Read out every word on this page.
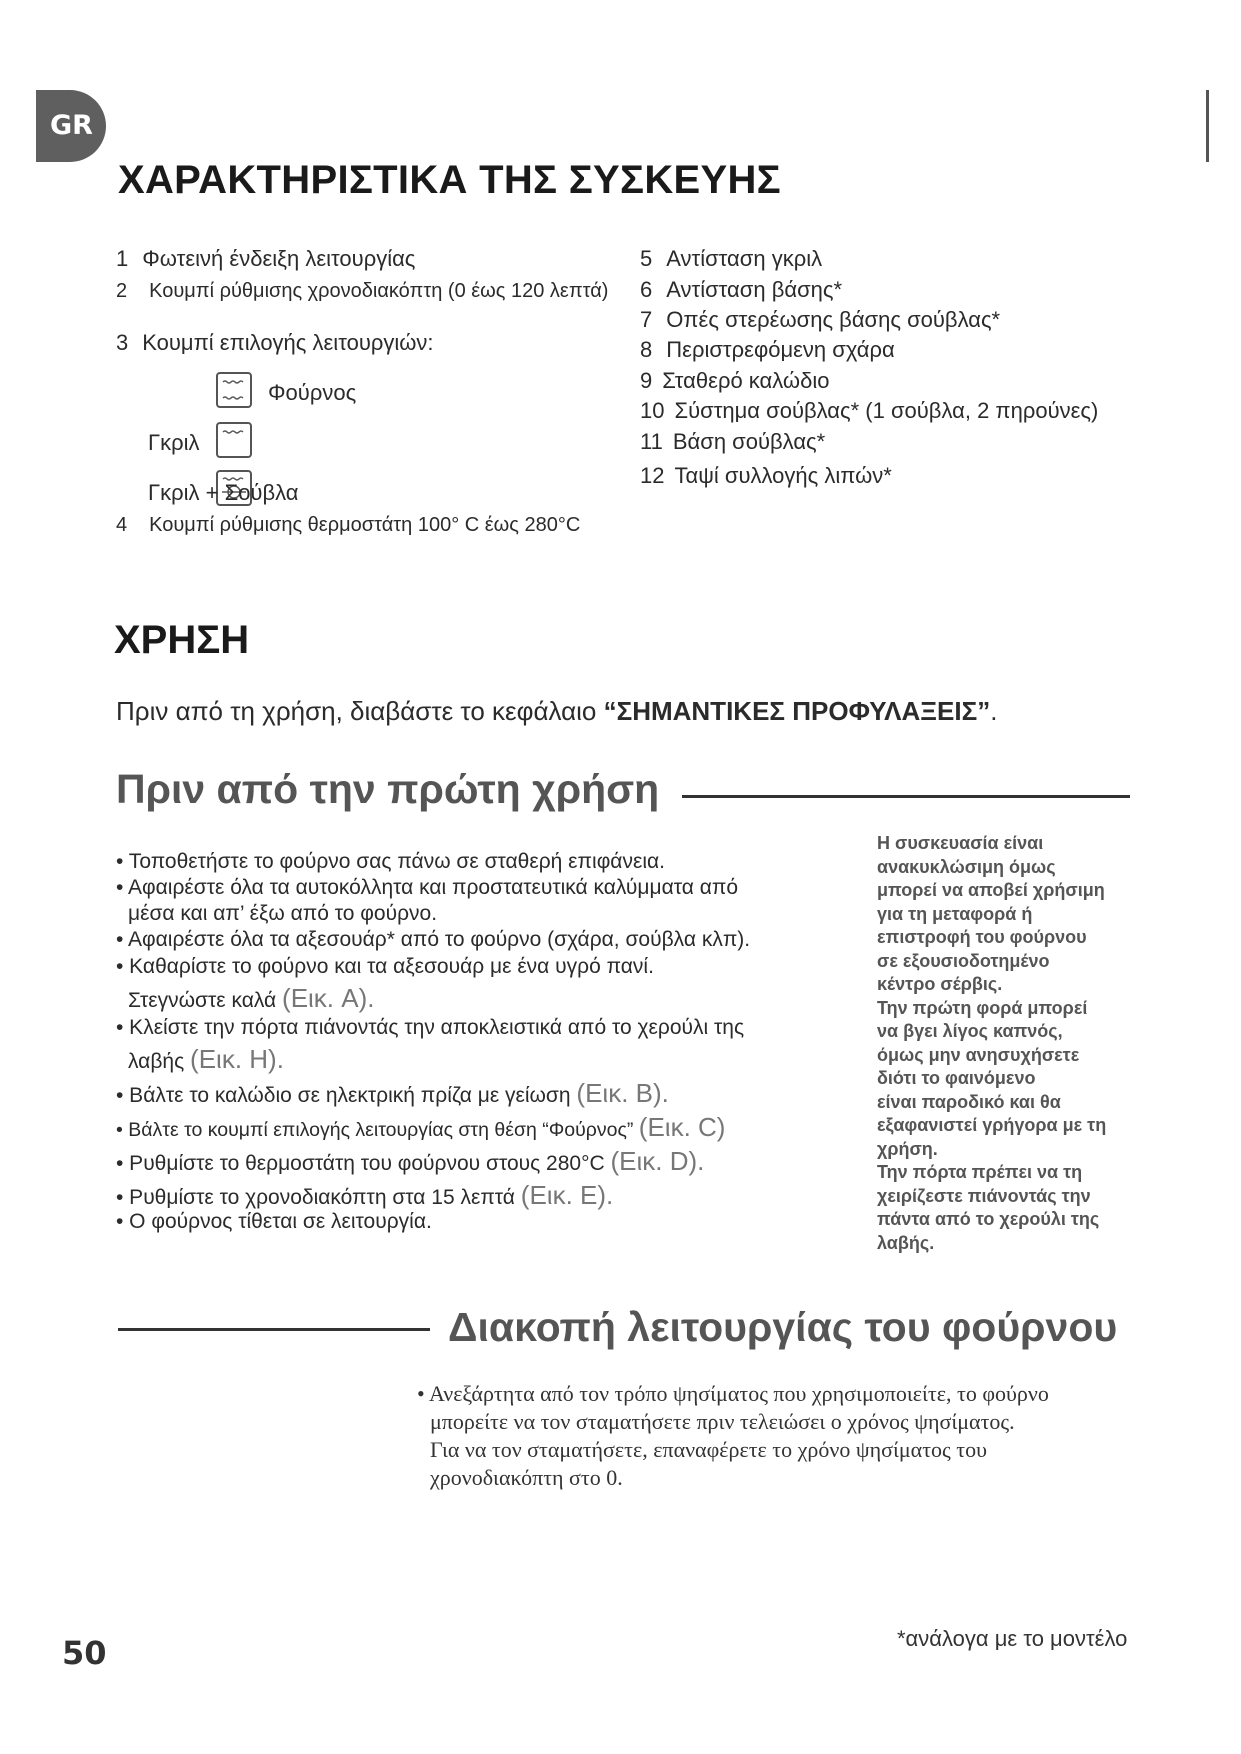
GR
ΧΑΡΑΚΤΗΡΙΣΤΙΚΑ ΤΗΣ ΣΥΣΚΕΥΗΣ
1 Φωτεινή ένδειξη λειτουργίας
2 Κουμπί ρύθμισης χρονοδιακόπτη (0 έως 120 λεπτά)
3 Κουμπί επιλογής λειτουργιών:
Φούρνος
Γκριλ
Γκριλ + Σούβλα
4 Κουμπί ρύθμισης θερμοστάτη 100° C έως 280°C
5 Αντίσταση γκριλ
6 Αντίσταση βάσης*
7 Οπές στερέωσης βάσης σούβλας*
8 Περιστρεφόμενη σχάρα
9 Σταθερό καλώδιο
10 Σύστημα σούβλας* (1 σούβλα, 2 πηρούνες)
11 Βάση σούβλας*
12 Ταψί συλλογής λιπών*
ΧΡΗΣΗ
Πριν από τη χρήση, διαβάστε το κεφάλαιο “ΣΗΜΑΝΤΙΚΕΣ ΠΡΟΦΥΛΑΞΕΙΣ”.
Πριν από την πρώτη χρήση
• Τοποθετήστε το φούρνο σας πάνω σε σταθερή επιφάνεια.
• Αφαιρέστε όλα τα αυτοκόλλητα και προστατευτικά καλύμματα από
μέσα και απ’ έξω από το φούρνο.
• Αφαιρέστε όλα τα αξεσουάρ* από το φούρνο (σχάρα, σούβλα κλπ).
• Καθαρίστε το φούρνο και τα αξεσουάρ με ένα υγρό πανί.
Στεγνώστε καλά (Εικ. A).
• Κλείστε την πόρτα πιάνοντάς την αποκλειστικά από το χερούλι της
λαβής (Εικ. H).
• Βάλτε το καλώδιο σε ηλεκτρική πρίζα με γείωση (Εικ. B).
• Βάλτε το κουμπί επιλογής λειτουργίας στη θέση “Φούρνος” (Εικ. C)
• Ρυθμίστε το θερμοστάτη του φούρνου στους 280°C (Εικ. D).
• Ρυθμίστε το χρονοδιακόπτη στα 15 λεπτά (Εικ. E).
• Ο φούρνος τίθεται σε λειτουργία.
Η συσκευασία είναι
ανακυκλώσιμη όμως
μπορεί να αποβεί χρήσιμη
για τη μεταφορά ή
επιστροφή του φούρνου
σε εξουσιοδοτημένο
κέντρο σέρβις.
Την πρώτη φορά μπορεί
να βγει λίγος καπνός,
όμως μην ανησυχήσετε
διότι το φαινόμενο
είναι παροδικό και θα
εξαφανιστεί γρήγορα με τη
χρήση.
Την πόρτα πρέπει να τη
χειρίζεστε πιάνοντάς την
πάντα από το χερούλι της
λαβής.
Διακοπή λειτουργίας του φούρνου
• Ανεξάρτητα από τον τρόπο ψησίματος που χρησιμοποιείτε, το φούρνο
μπορείτε να τον σταματήσετε πριν τελειώσει ο χρόνος ψησίματος.
Για να τον σταματήσετε, επαναφέρετε το χρόνο ψησίματος του
χρονοδιακόπτη στο 0.
50	*ανάλογα με το μοντέλο
